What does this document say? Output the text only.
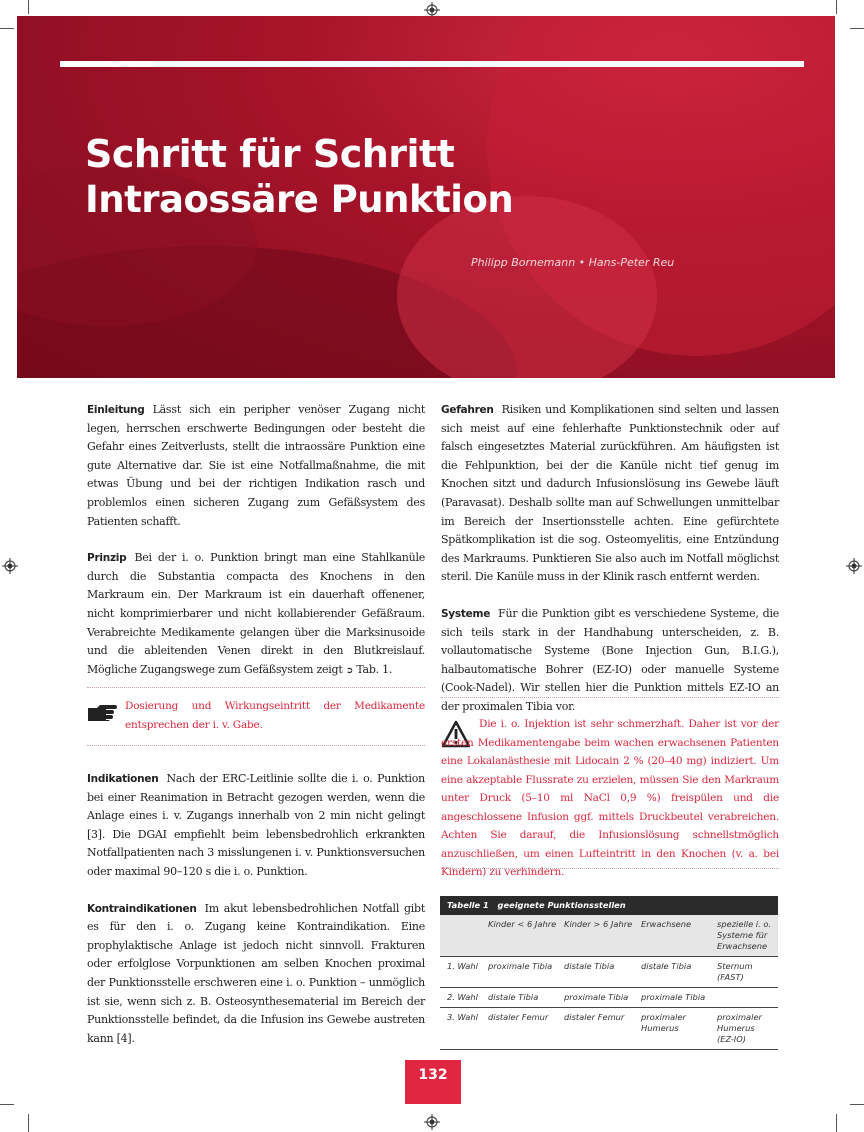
Schritt für Schritt
Intraossäre Punktion
Philipp Bornemann • Hans-Peter Reu

Einleitung Lässt sich ein peripher venöser Zugang nicht legen, herrschen erschwerte Bedingungen oder besteht die Gefahr eines Zeitverlusts, stellt die intraossäre Punktion eine gute Alternative dar. Sie ist eine Notfallmaßnahme, die mit etwas Übung und bei der richtigen Indikation rasch und problemlos einen sicheren Zugang zum Gefäßsystem des Patienten schafft.

Prinzip Bei der i. o. Punktion bringt man eine Stahlkanüle durch die Substantia compacta des Knochens in den Markraum ein. Der Markraum ist ein dauerhaft offenener, nicht komprimierbarer und nicht kollabierender Gefäßraum. Verabreichte Medikamente gelangen über die Marksinusoide und die ableitenden Venen direkt in den Blutkreislauf. Mögliche Zugangswege zum Gefäßsystem zeigt ➲ Tab. 1.

Dosierung und Wirkungseintritt der Medikamente entsprechen der i. v. Gabe.

Indikationen Nach der ERC-Leitlinie sollte die i. o. Punktion bei einer Reanimation in Betracht gezogen werden, wenn die Anlage eines i. v. Zugangs innerhalb von 2 min nicht gelingt [3]. Die DGAI empfiehlt beim lebensbedrohlich erkrankten Notfallpatienten nach 3 misslungenen i. v. Punktionsversuchen oder maximal 90–120 s die i. o. Punktion.

Kontraindikationen Im akut lebensbedrohlichen Notfall gibt es für den i. o. Zugang keine Kontraindikation. Eine prophylaktische Anlage ist jedoch nicht sinnvoll. Frakturen oder erfolglose Vorpunktionen am selben Knochen proximal der Punktionsstelle erschweren eine i. o. Punktion – unmöglich ist sie, wenn sich z. B. Osteosynthesematerial im Bereich der Punktionsstelle befindet, da die Infusion ins Gewebe austreten kann [4].

Gefahren Risiken und Komplikationen sind selten und lassen sich meist auf eine fehlerhafte Punktionstechnik oder auf falsch eingesetztes Material zurückführen. Am häufigsten ist die Fehlpunktion, bei der die Kanüle nicht tief genug im Knochen sitzt und dadurch Infusionslösung ins Gewebe läuft (Paravasat). Deshalb sollte man auf Schwellungen unmittelbar im Bereich der Insertionsstelle achten. Eine gefürchtete Spätkomplikation ist die sog. Osteomyelitis, eine Entzündung des Markraums. Punktieren Sie also auch im Notfall möglichst steril. Die Kanüle muss in der Klinik rasch entfernt werden.

Systeme Für die Punktion gibt es verschiedene Systeme, die sich teils stark in der Handhabung unterscheiden, z. B. vollautomatische Systeme (Bone Injection Gun, B.I.G.), halbautomatische Bohrer (EZ-IO) oder manuelle Systeme (Cook-Nadel). Wir stellen hier die Punktion mittels EZ-IO an der proximalen Tibia vor.

Die i. o. Injektion ist sehr schmerzhaft. Daher ist vor der ersten Medikamentengabe beim wachen erwachsenen Patienten eine Lokalanästhesie mit Lidocain 2 % (20–40 mg) indiziert. Um eine akzeptable Flussrate zu erzielen, müssen Sie den Markraum unter Druck (5–10 ml NaCl 0,9 %) freispülen und die angeschlossene Infusion ggf. mittels Druckbeutel verabreichen. Achten Sie darauf, die Infusionslösung schnellstmöglich anzuschließen, um einen Lufteintritt in den Knochen (v. a. bei Kindern) zu verhindern.
Tabelle 1 geeignete Punktionsstellen
	Kinder < 6 Jahre	Kinder > 6 Jahre	Erwachsene	spezielle i. o. Systeme für Erwachsene
1. Wahl	proximale Tibia	distale Tibia	distale Tibia	Sternum (FAST)
2. Wahl	distale Tibia	proximale Tibia	proximale Tibia	
3. Wahl	distaler Femur	distaler Femur	proximaler Humerus	proximaler Humerus (EZ-IO)
132
